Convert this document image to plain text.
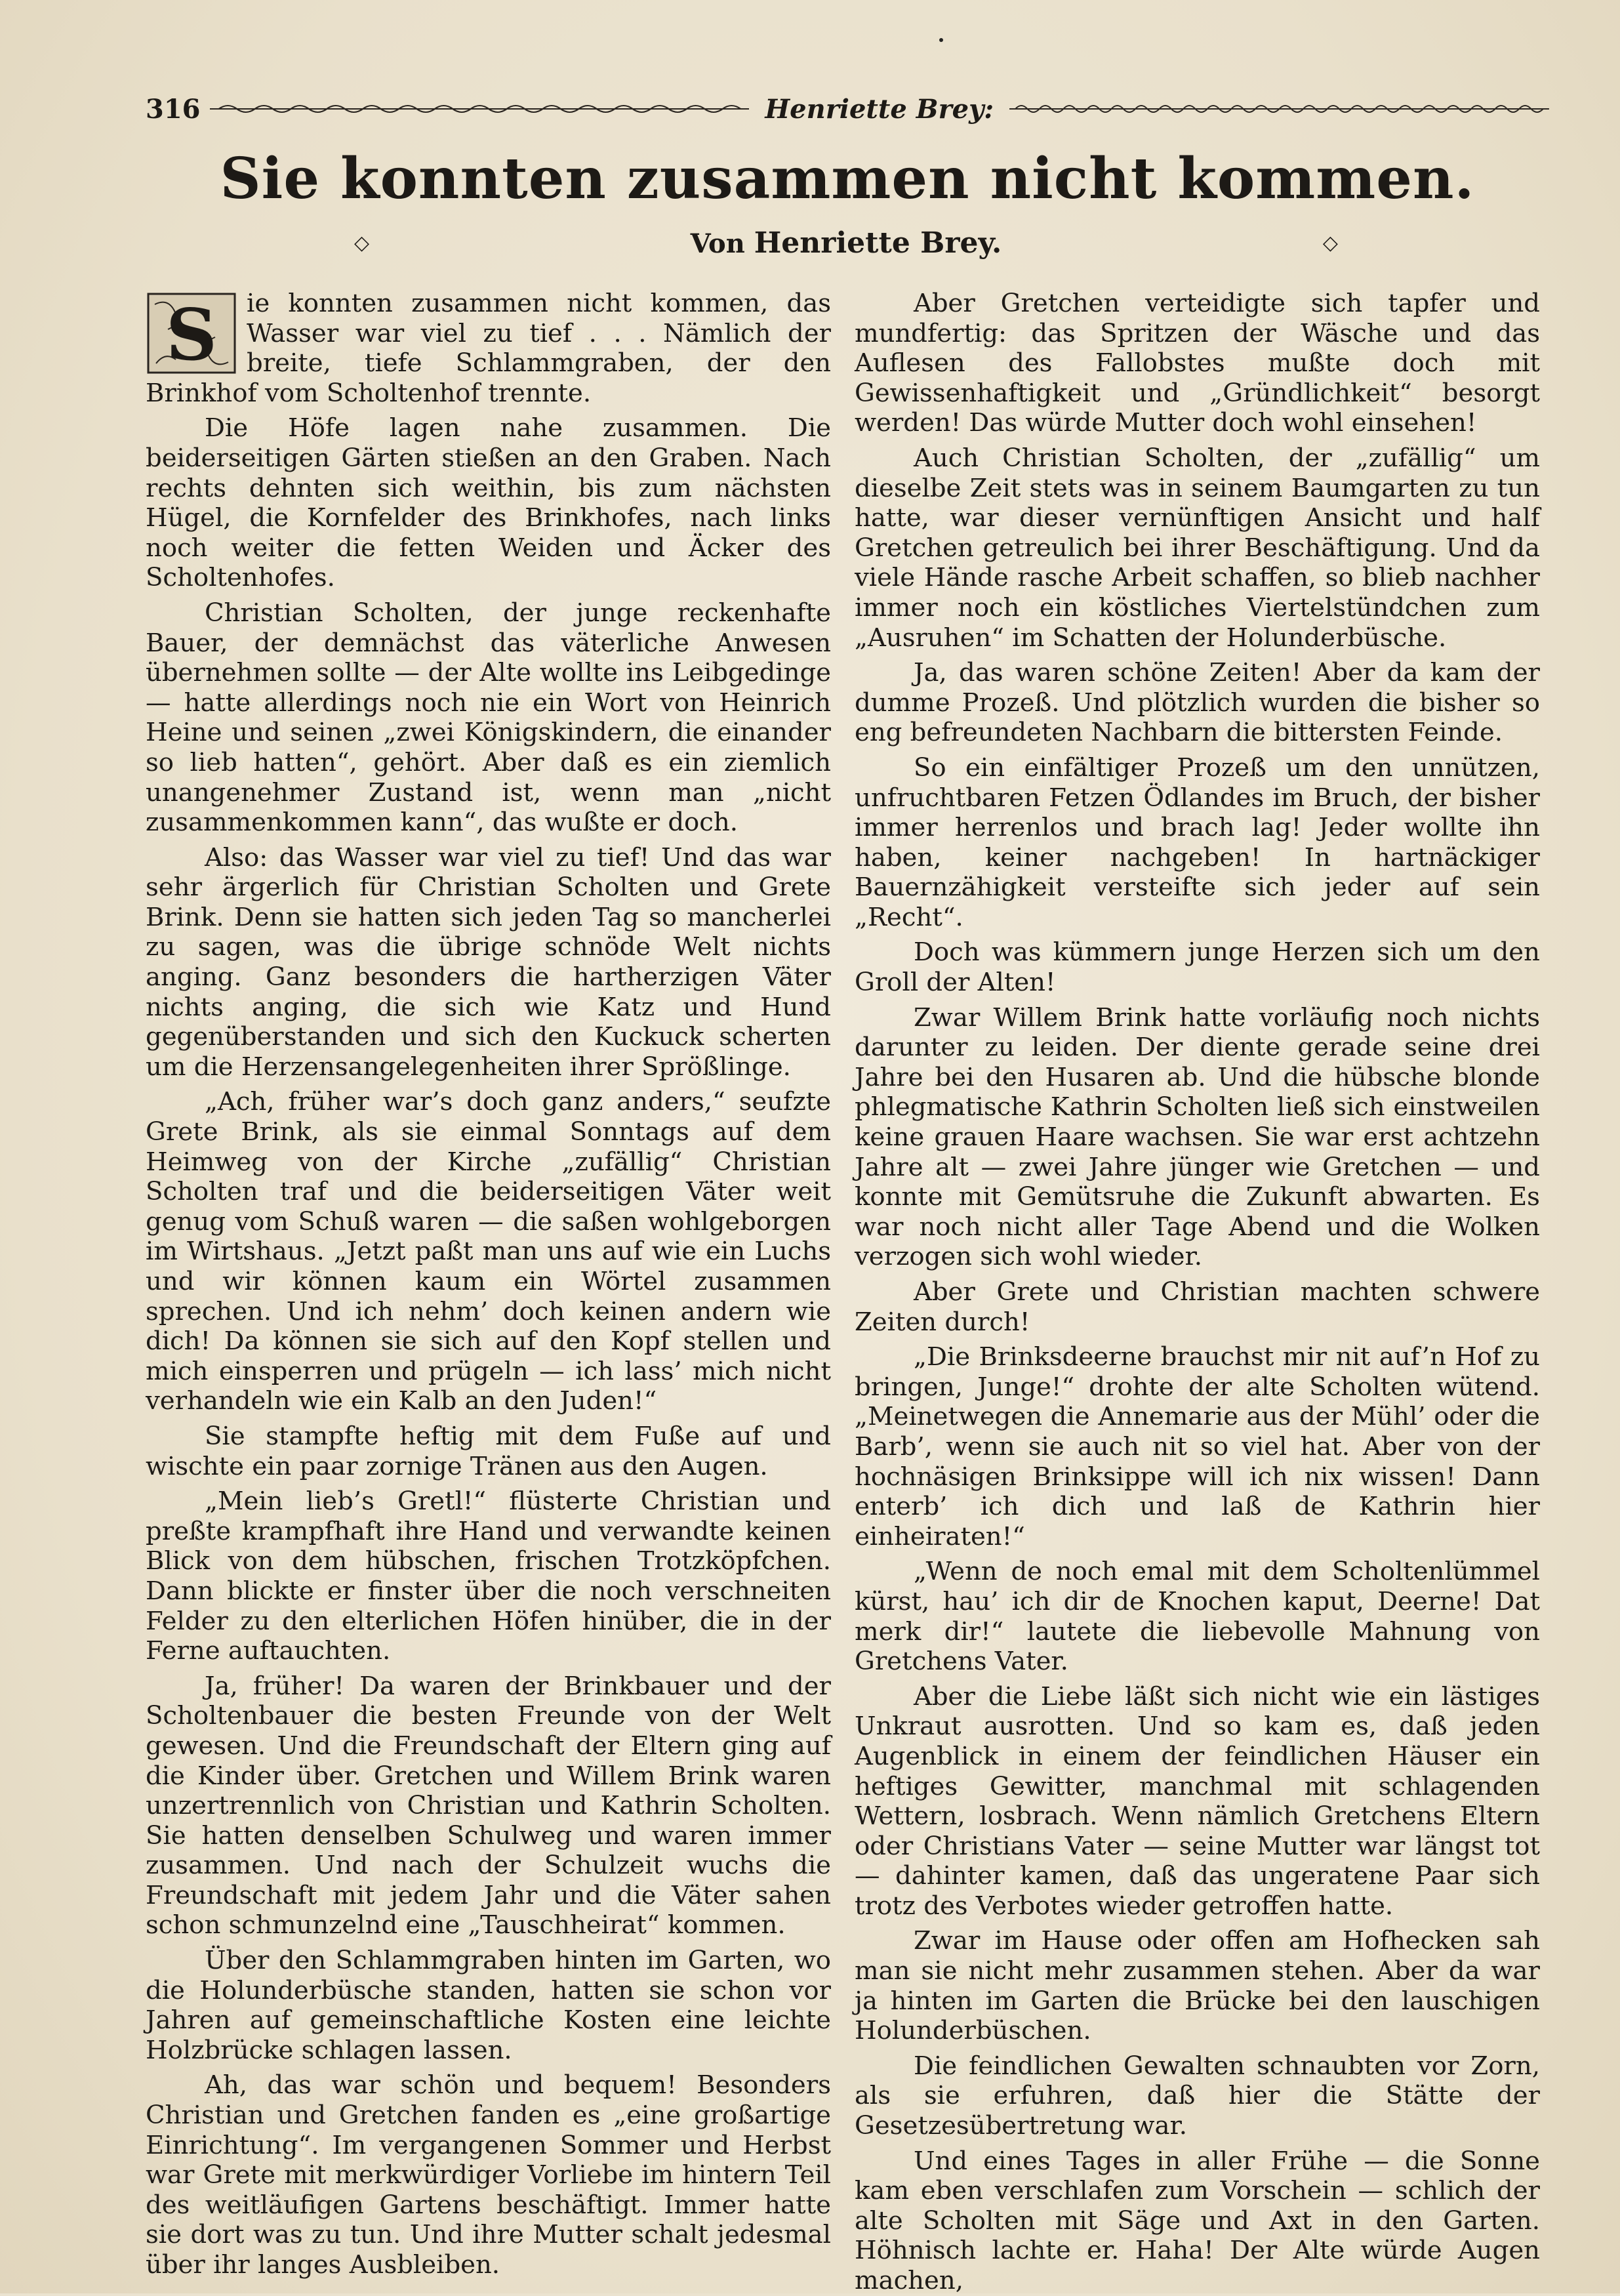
316	Henriette Brey:
Sie konnten zusammen nicht kommen.
◇	Von Henriette Brey.	◇

S ie konnten zusammen nicht kommen, das Wasser war viel zu tief . . . Nämlich der breite, tiefe Schlammgraben, der den Brinkhof vom Scholtenhof trennte.

Die Höfe lagen nahe zusammen. Die beiderseitigen Gärten stießen an den Graben. Nach rechts dehnten sich weithin, bis zum nächsten Hügel, die Kornfelder des Brinkhofes, nach links noch weiter die fetten Weiden und Äcker des Scholtenhofes.

Christian Scholten, der junge reckenhafte Bauer, der demnächst das väterliche Anwesen übernehmen sollte — der Alte wollte ins Leibgedinge — hatte allerdings noch nie ein Wort von Heinrich Heine und seinen „zwei Königskindern, die einander so lieb hatten“, gehört. Aber daß es ein ziemlich unangenehmer Zustand ist, wenn man „nicht zusammenkommen kann“, das wußte er doch.

Also: das Wasser war viel zu tief! Und das war sehr ärgerlich für Christian Scholten und Grete Brink. Denn sie hatten sich jeden Tag so mancherlei zu sagen, was die übrige schnöde Welt nichts anging. Ganz besonders die hartherzigen Väter nichts anging, die sich wie Katz und Hund gegenüberstanden und sich den Kuckuck scherten um die Herzensangelegenheiten ihrer Sprößlinge.

„Ach, früher war’s doch ganz anders,“ seufzte Grete Brink, als sie einmal Sonntags auf dem Heimweg von der Kirche „zufällig“ Christian Scholten traf und die beiderseitigen Väter weit genug vom Schuß waren — die saßen wohlgeborgen im Wirtshaus. „Jetzt paßt man uns auf wie ein Luchs und wir können kaum ein Wörtel zusammen sprechen. Und ich nehm’ doch keinen andern wie dich! Da können sie sich auf den Kopf stellen und mich einsperren und prügeln — ich lass’ mich nicht verhandeln wie ein Kalb an den Juden!“

Sie stampfte heftig mit dem Fuße auf und wischte ein paar zornige Tränen aus den Augen.

„Mein lieb’s Gretl!“ flüsterte Christian und preßte krampfhaft ihre Hand und verwandte keinen Blick von dem hübschen, frischen Trotzköpfchen. Dann blickte er finster über die noch verschneiten Felder zu den elterlichen Höfen hinüber, die in der Ferne auftauchten.

Ja, früher! Da waren der Brinkbauer und der Scholtenbauer die besten Freunde von der Welt gewesen. Und die Freundschaft der Eltern ging auf die Kinder über. Gretchen und Willem Brink waren unzertrennlich von Christian und Kathrin Scholten. Sie hatten denselben Schulweg und waren immer zusammen. Und nach der Schulzeit wuchs die Freundschaft mit jedem Jahr und die Väter sahen schon schmunzelnd eine „Tauschheirat“ kommen.

Über den Schlammgraben hinten im Garten, wo die Holunderbüsche standen, hatten sie schon vor Jahren auf gemeinschaftliche Kosten eine leichte Holzbrücke schlagen lassen.

Ah, das war schön und bequem! Besonders Christian und Gretchen fanden es „eine großartige Einrichtung“. Im vergangenen Sommer und Herbst war Grete mit merkwürdiger Vorliebe im hintern Teil des weitläufigen Gartens beschäftigt. Immer hatte sie dort was zu tun. Und ihre Mutter schalt jedesmal über ihr langes Ausbleiben.

Aber Gretchen verteidigte sich tapfer und mundfertig: das Spritzen der Wäsche und das Auflesen des Fallobstes mußte doch mit Gewissenhaftigkeit und „Gründlichkeit“ besorgt werden! Das würde Mutter doch wohl einsehen!

Auch Christian Scholten, der „zufällig“ um dieselbe Zeit stets was in seinem Baumgarten zu tun hatte, war dieser vernünftigen Ansicht und half Gretchen getreulich bei ihrer Beschäftigung. Und da viele Hände rasche Arbeit schaffen, so blieb nachher immer noch ein köstliches Viertelstündchen zum „Ausruhen“ im Schatten der Holunderbüsche.

Ja, das waren schöne Zeiten! Aber da kam der dumme Prozeß. Und plötzlich wurden die bisher so eng befreundeten Nachbarn die bittersten Feinde.

So ein einfältiger Prozeß um den unnützen, unfruchtbaren Fetzen Ödlandes im Bruch, der bisher immer herrenlos und brach lag! Jeder wollte ihn haben, keiner nachgeben! In hartnäckiger Bauernzähigkeit versteifte sich jeder auf sein „Recht“.

Doch was kümmern junge Herzen sich um den Groll der Alten!

Zwar Willem Brink hatte vorläufig noch nichts darunter zu leiden. Der diente gerade seine drei Jahre bei den Husaren ab. Und die hübsche blonde phlegmatische Kathrin Scholten ließ sich einstweilen keine grauen Haare wachsen. Sie war erst achtzehn Jahre alt — zwei Jahre jünger wie Gretchen — und konnte mit Gemütsruhe die Zukunft abwarten. Es war noch nicht aller Tage Abend und die Wolken verzogen sich wohl wieder.

Aber Grete und Christian machten schwere Zeiten durch!

„Die Brinksdeerne brauchst mir nit auf’n Hof zu bringen, Junge!“ drohte der alte Scholten wütend. „Meinetwegen die Annemarie aus der Mühl’ oder die Barb’, wenn sie auch nit so viel hat. Aber von der hochnäsigen Brinksippe will ich nix wissen! Dann enterb’ ich dich und laß de Kathrin hier einheiraten!“

„Wenn de noch emal mit dem Scholtenlümmel kürst, hau’ ich dir de Knochen kaput, Deerne! Dat merk dir!“ lautete die liebevolle Mahnung von Gretchens Vater.

Aber die Liebe läßt sich nicht wie ein lästiges Unkraut ausrotten. Und so kam es, daß jeden Augenblick in einem der feindlichen Häuser ein heftiges Gewitter, manchmal mit schlagenden Wettern, losbrach. Wenn nämlich Gretchens Eltern oder Christians Vater — seine Mutter war längst tot — dahinter kamen, daß das ungeratene Paar sich trotz des Verbotes wieder getroffen hatte.

Zwar im Hause oder offen am Hofhecken sah man sie nicht mehr zusammen stehen. Aber da war ja hinten im Garten die Brücke bei den lauschigen Holunderbüschen.

Die feindlichen Gewalten schnaubten vor Zorn, als sie erfuhren, daß hier die Stätte der Gesetzesübertretung war.

Und eines Tages in aller Frühe — die Sonne kam eben verschlafen zum Vorschein — schlich der alte Scholten mit Säge und Axt in den Garten. Höhnisch lachte er. Haha! Der Alte würde Augen machen,
